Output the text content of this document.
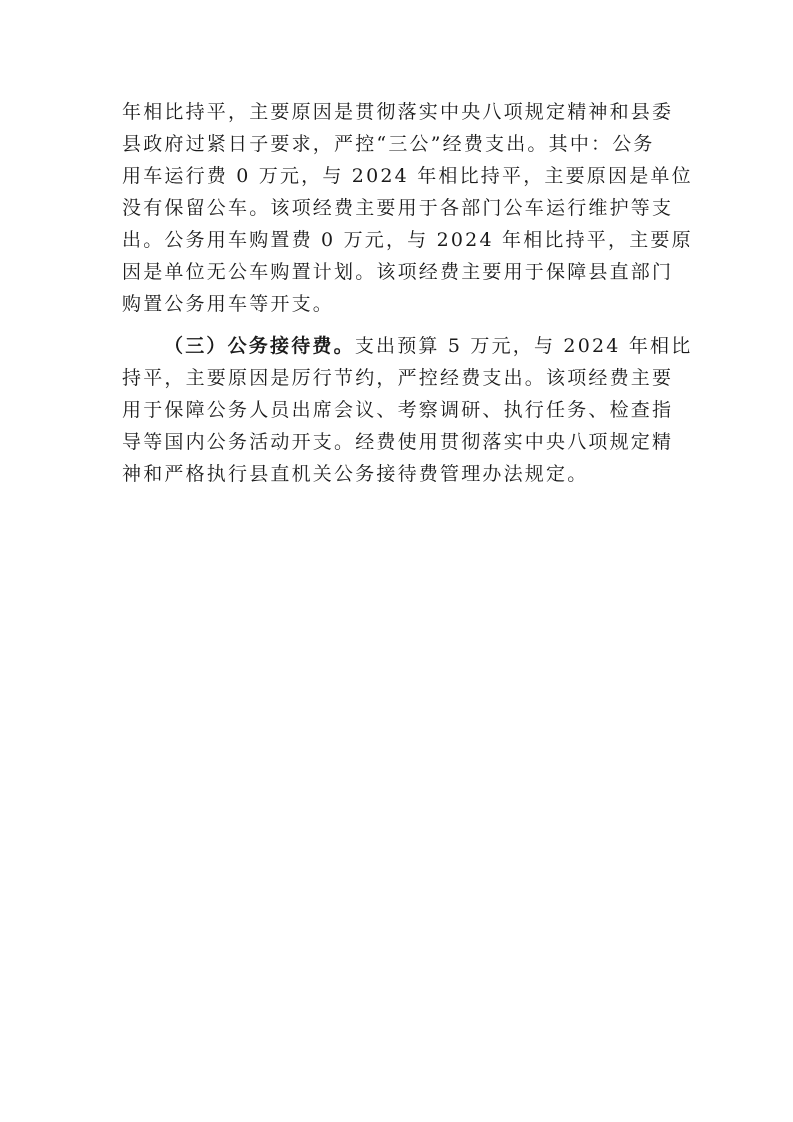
年相比持平，主要原因是贯彻落实中央八项规定精神和县委
县政府过紧日子要求，严控“三公”经费支出。其中：公务
用车运行费 0 万元，与 2024 年相比持平，主要原因是单位
没有保留公车。该项经费主要用于各部门公车运行维护等支
出。公务用车购置费 0 万元，与 2024 年相比持平，主要原
因是单位无公车购置计划。该项经费主要用于保障县直部门
购置公务用车等开支。
（三）公务接待费。支出预算 5 万元，与 2024 年相比
持平，主要原因是厉行节约，严控经费支出。该项经费主要
用于保障公务人员出席会议、考察调研、执行任务、检查指
导等国内公务活动开支。经费使用贯彻落实中央八项规定精
神和严格执行县直机关公务接待费管理办法规定。
